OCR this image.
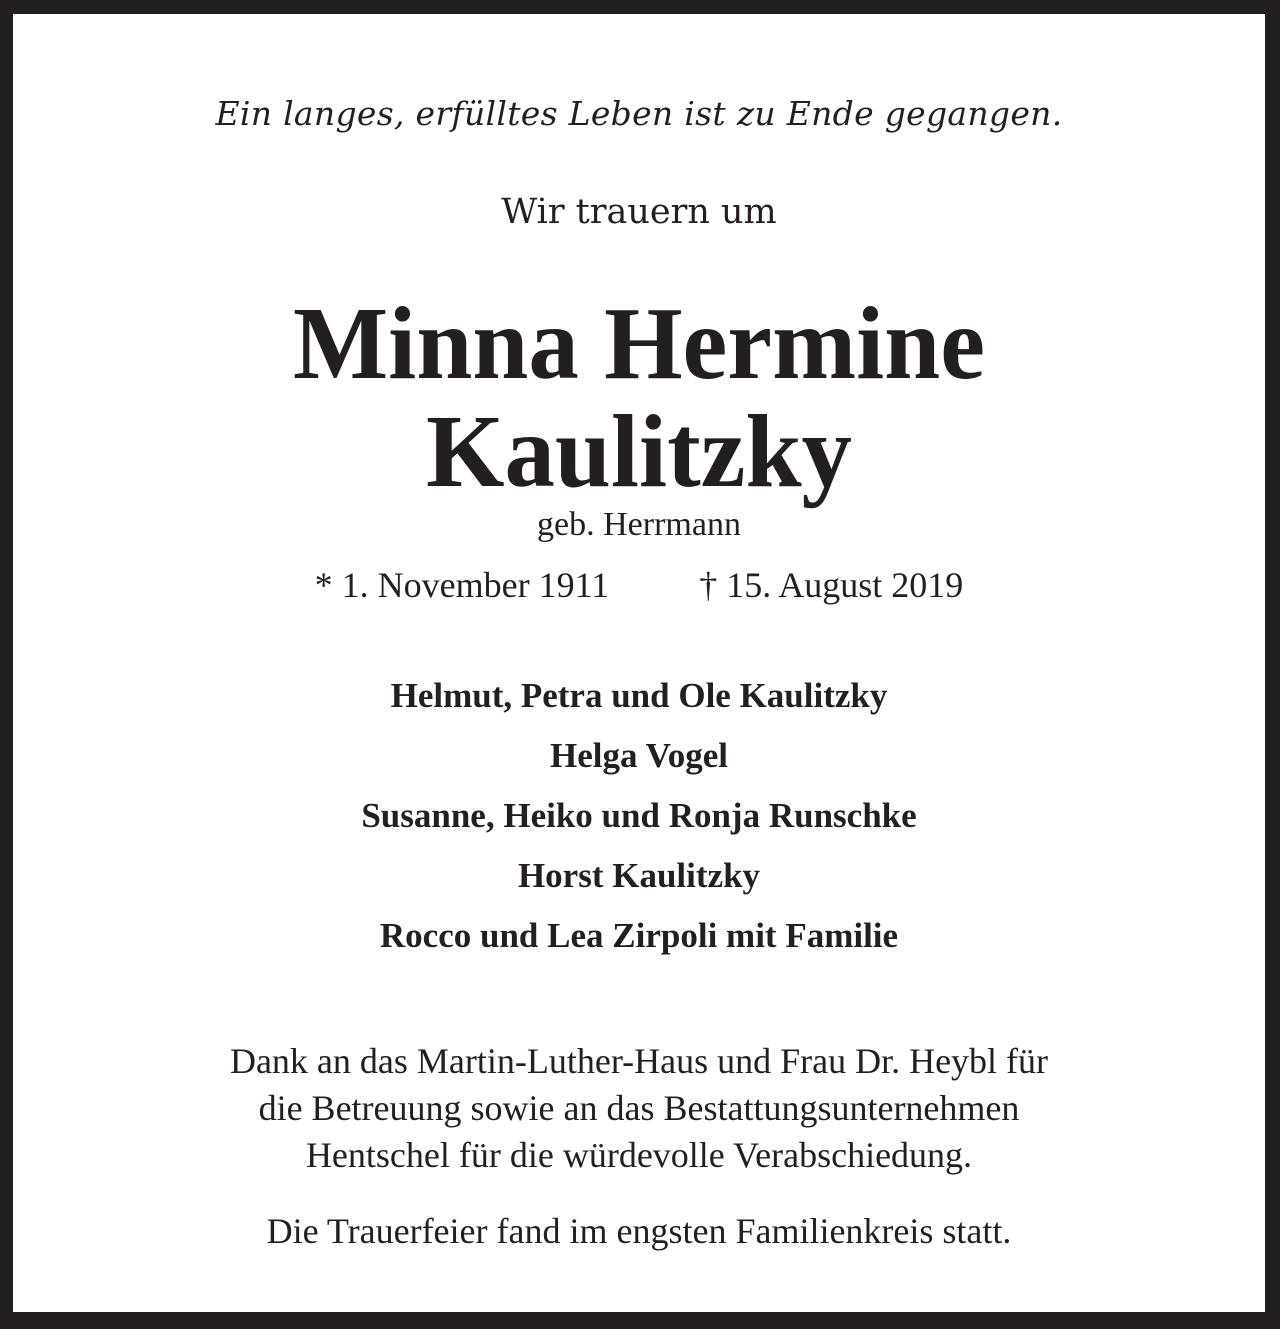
Ein langes, erfülltes Leben ist zu Ende gegangen.
Wir trauern um
Minna Hermine
Kaulitzky
geb. Herrmann
* 1. November 1911	† 15. August 2019
Helmut, Petra und Ole Kaulitzky
Helga Vogel
Susanne, Heiko und Ronja Runschke
Horst Kaulitzky
Rocco und Lea Zirpoli mit Familie
Dank an das Martin-Luther-Haus und Frau Dr. Heybl für
die Betreuung sowie an das Bestattungsunternehmen
Hentschel für die würdevolle Verabschiedung.
Die Trauerfeier fand im engsten Familienkreis statt.
